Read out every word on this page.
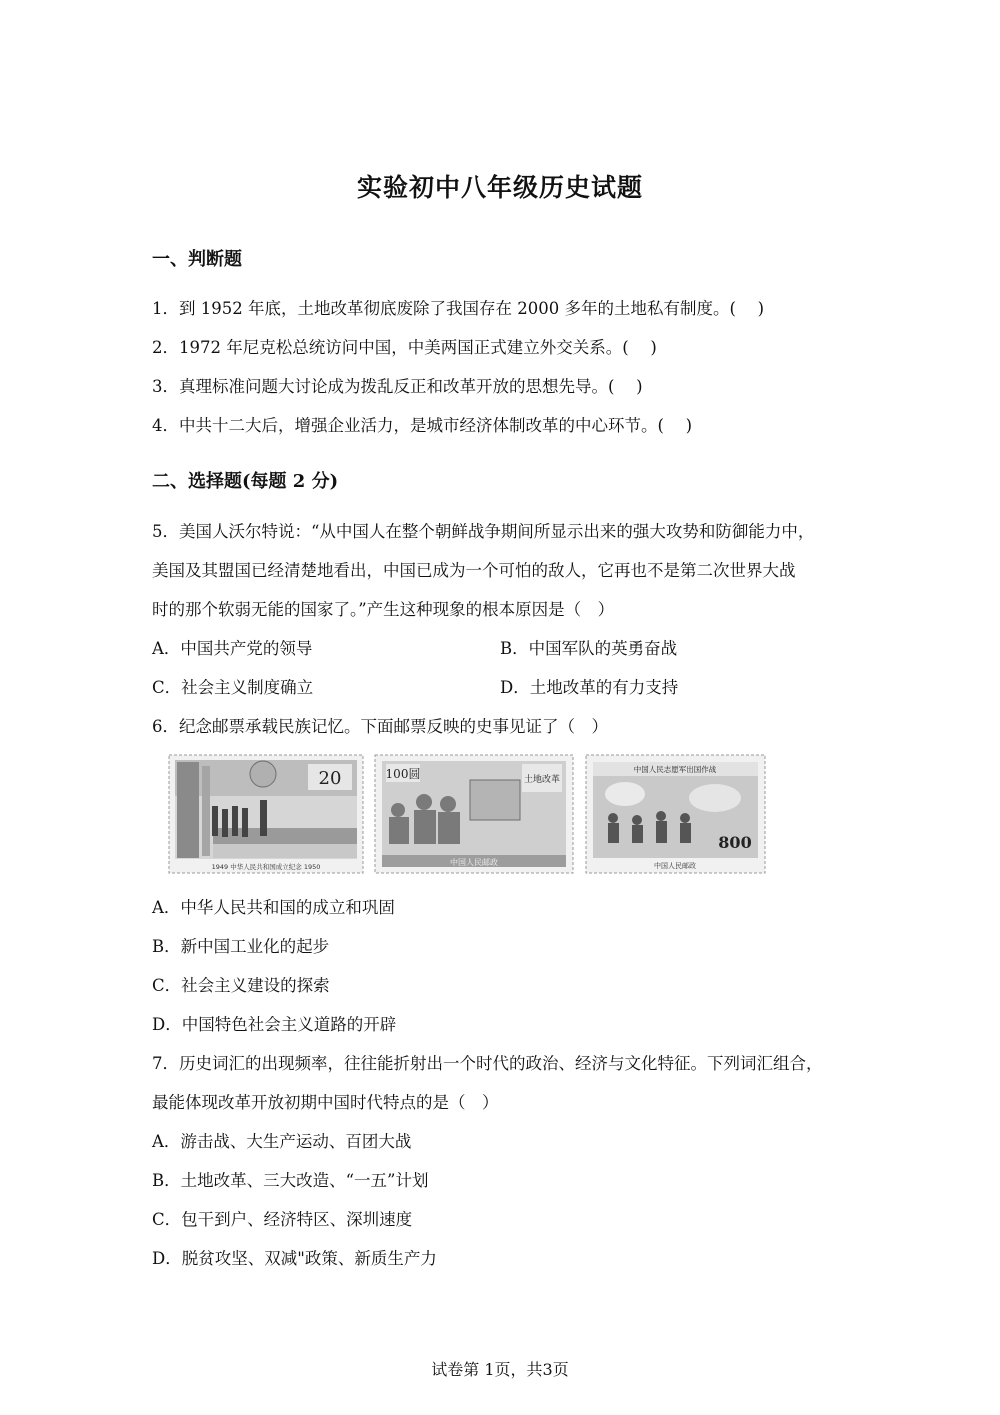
实验初中八年级历史试题
一、判断题
1．到 1952 年底，土地改革彻底废除了我国存在 2000 多年的土地私有制度。(　 )
2．1972 年尼克松总统访问中国，中美两国正式建立外交关系。(　 )
3．真理标准问题大讨论成为拨乱反正和改革开放的思想先导。(　 )
4．中共十二大后，增强企业活力，是城市经济体制改革的中心环节。(　 )
二、选择题(每题 2 分)
5．美国人沃尔特说：“从中国人在整个朝鲜战争期间所显示出来的强大攻势和防御能力中，
美国及其盟国已经清楚地看出，中国已成为一个可怕的敌人，它再也不是第二次世界大战
时的那个软弱无能的国家了。”产生这种现象的根本原因是（　）
A．中国共产党的领导	B．中国军队的英勇奋战
C．社会主义制度确立	D．土地改革的有力支持
6．纪念邮票承载民族记忆。下面邮票反映的史事见证了（　）
20
1949 中华人民共和国成立纪念 1950
100圆	土地改革
中国人民邮政
中国人民志愿军出国作战
800
中国人民邮政
A．中华人民共和国的成立和巩固
B．新中国工业化的起步
C．社会主义建设的探索
D．中国特色社会主义道路的开辟
7．历史词汇的出现频率，往往能折射出一个时代的政治、经济与文化特征。下列词汇组合，
最能体现改革开放初期中国时代特点的是（　）
A．游击战、大生产运动、百团大战
B．土地改革、三大改造、“一五”计划
C．包干到户、经济特区、深圳速度
D．脱贫攻坚、双减"政策、新质生产力
试卷第 1页，共3页
